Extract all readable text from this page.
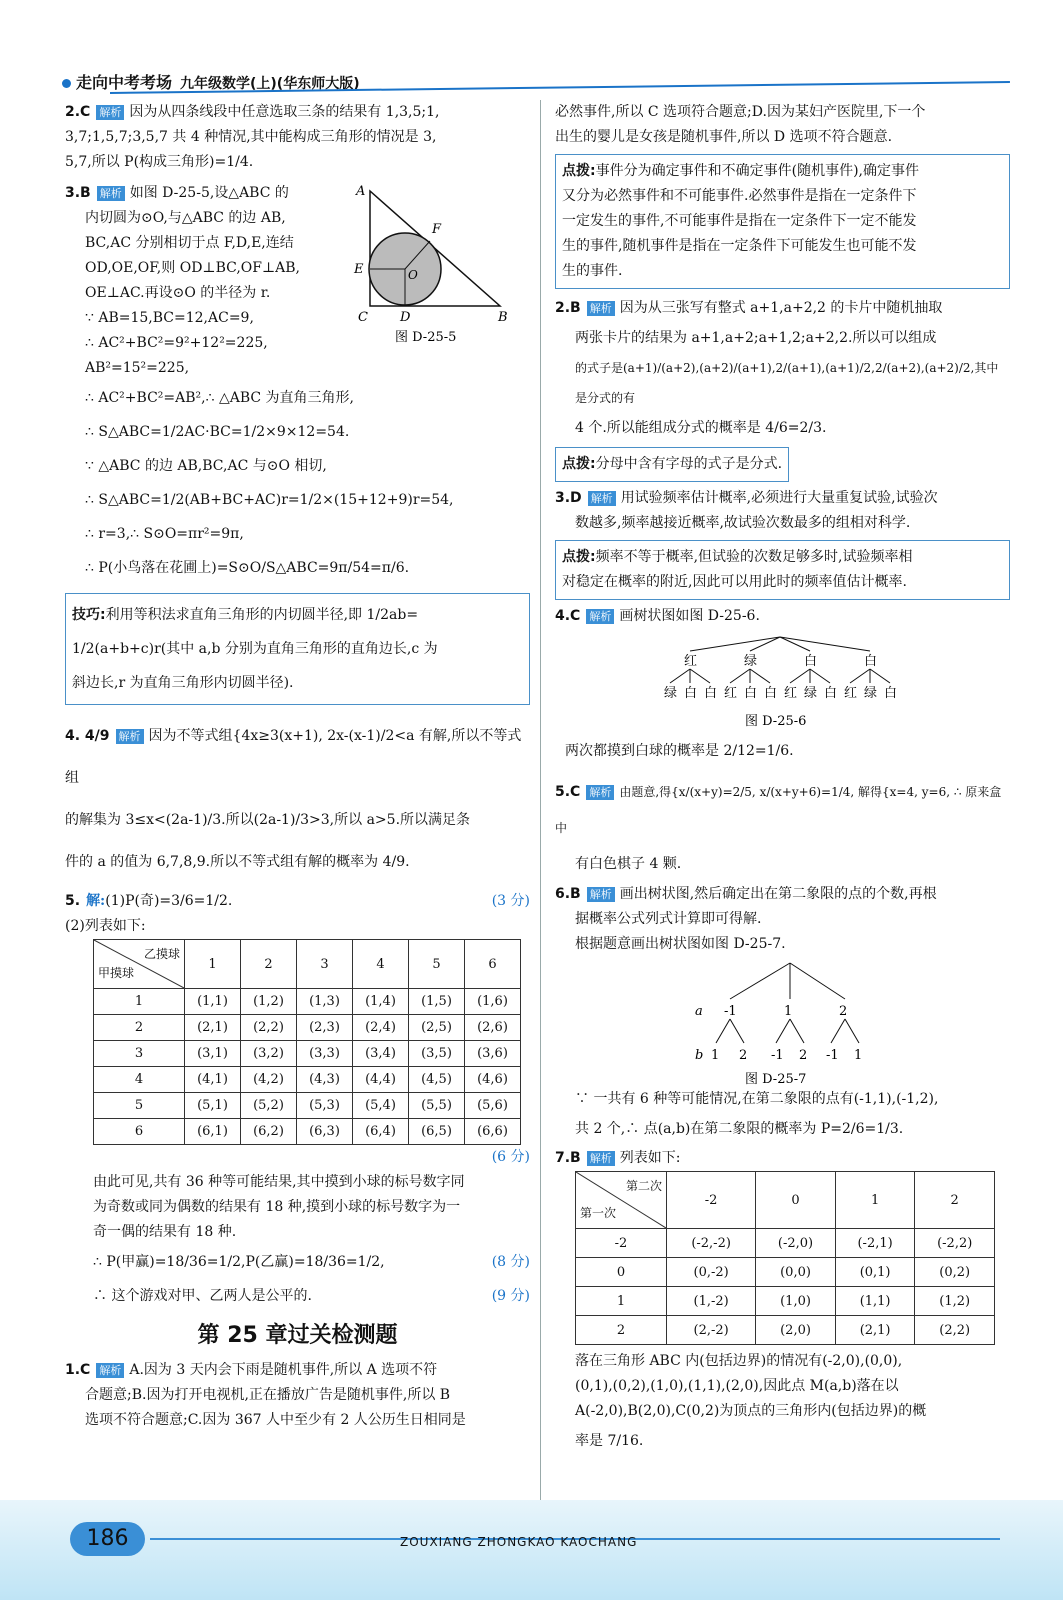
走向中考考场 九年级数学(上)(华东师大版)

2.C 解析 因为从四条线段中任意选取三条的结果有 1,3,5;1,

3,7;1,5,7;3,5,7 共 4 种情况,其中能构成三角形的情况是 3,

5,7,所以 P(构成三角形)=1/4.

A
F
E	O
C D	B
图 D-25-5

3.B 解析 如图 D-25-5,设△ABC 的

内切圆为⊙O,与△ABC 的边 AB,

BC,AC 分别相切于点 F,D,E,连结

OD,OE,OF,则 OD⊥BC,OF⊥AB,

OE⊥AC.再设⊙O 的半径为 r.

∵ AB=15,BC=12,AC=9,

∴ AC²+BC²=9²+12²=225,

AB²=15²=225,

∴ AC²+BC²=AB²,∴ △ABC 为直角三角形,

∴ S△ABC=1/2AC·BC=1/2×9×12=54.

∵ △ABC 的边 AB,BC,AC 与⊙O 相切,

∴ S△ABC=1/2(AB+BC+AC)r=1/2×(15+12+9)r=54,

∴ r=3,∴ S⊙O=πr²=9π,

∴ P(小鸟落在花圃上)=S⊙O/S△ABC=9π/54=π/6.

技巧:利用等积法求直角三角形的内切圆半径,即 1/2ab=

1/2(a+b+c)r(其中 a,b 分别为直角三角形的直角边长,c 为

斜边长,r 为直角三角形内切圆半径).

4. 4/9 解析 因为不等式组{4x≥3(x+1), 2x-(x-1)/2<a 有解,所以不等式组

的解集为 3≤x<(2a-1)/3.所以(2a-1)/3>3,所以 a>5.所以满足条

件的 a 的值为 6,7,8,9.所以不等式组有解的概率为 4/9.

5. 解:(1)P(奇)=3/6=1/2.	(3 分)

(2)列表如下:

乙摸球
甲摸球	1	2	3	4	5	6
1	(1,1)	(1,2)	(1,3)	(1,4)	(1,5)	(1,6)
2	(2,1)	(2,2)	(2,3)	(2,4)	(2,5)	(2,6)
3	(3,1)	(3,2)	(3,3)	(3,4)	(3,5)	(3,6)
4	(4,1)	(4,2)	(4,3)	(4,4)	(4,5)	(4,6)
5	(5,1)	(5,2)	(5,3)	(5,4)	(5,5)	(5,6)
6	(6,1)	(6,2)	(6,3)	(6,4)	(6,5)	(6,6)

(6 分)

由此可见,共有 36 种等可能结果,其中摸到小球的标号数字同

为奇数或同为偶数的结果有 18 种,摸到小球的标号数字为一

奇一偶的结果有 18 种.

∴ P(甲赢)=18/36=1/2,P(乙赢)=18/36=1/2,	(8 分)

∴ 这个游戏对甲、乙两人是公平的.	(9 分)

第 25 章过关检测题

1.C 解析 A.因为 3 天内会下雨是随机事件,所以 A 选项不符

合题意;B.因为打开电视机,正在播放广告是随机事件,所以 B

选项不符合题意;C.因为 367 人中至少有 2 人公历生日相同是

必然事件,所以 C 选项符合题意;D.因为某妇产医院里,下一个

出生的婴儿是女孩是随机事件,所以 D 选项不符合题意.

点拨:事件分为确定事件和不确定事件(随机事件),确定事件

又分为必然事件和不可能事件.必然事件是指在一定条件下

一定发生的事件,不可能事件是指在一定条件下一定不能发

生的事件,随机事件是指在一定条件下可能发生也可能不发

生的事件.

2.B 解析 因为从三张写有整式 a+1,a+2,2 的卡片中随机抽取

两张卡片的结果为 a+1,a+2;a+1,2;a+2,2.所以可以组成

的式子是(a+1)/(a+2),(a+2)/(a+1),2/(a+1),(a+1)/2,2/(a+2),(a+2)/2,其中是分式的有

4 个.所以能组成分式的概率是 4/6=2/3.

点拨:分母中含有字母的式子是分式.

3.D 解析 用试验频率估计概率,必须进行大量重复试验,试验次

数越多,频率越接近概率,故试验次数最多的组相对科学.

点拨:频率不等于概率,但试验的次数足够多时,试验频率相

对稳定在概率的附近,因此可以用此时的频率值估计概率.

4.C 解析 画树状图如图 D-25-6.

红
绿 白 白
绿
红 白 白
白
红 绿 白
白
红 绿 白
图 D-25-6

两次都摸到白球的概率是 2/12=1/6.

5.C 解析 由题意,得{x/(x+y)=2/5, x/(x+y+6)=1/4, 解得{x=4, y=6, ∴ 原来盒中

有白色棋子 4 颗.

6.B 解析 画出树状图,然后确定出在第二象限的点的个数,再根

据概率公式列式计算即可得解.

根据题意画出树状图如图 D-25-7.

a
b
-1
1 2
1
-1 2
2
-1 1
图 D-25-7

∵ 一共有 6 种等可能情况,在第二象限的点有(-1,1),(-1,2),

共 2 个,∴ 点(a,b)在第二象限的概率为 P=2/6=1/3.

7.B 解析 列表如下:

第二次
第一次	-2	0	1	2
-2	(-2,-2)	(-2,0)	(-2,1)	(-2,2)
0	(0,-2)	(0,0)	(0,1)	(0,2)
1	(1,-2)	(1,0)	(1,1)	(1,2)
2	(2,-2)	(2,0)	(2,1)	(2,2)

落在三角形 ABC 内(包括边界)的情况有(-2,0),(0,0),

(0,1),(0,2),(1,0),(1,1),(2,0),因此点 M(a,b)落在以

A(-2,0),B(2,0),C(0,2)为顶点的三角形内(包括边界)的概

率是 7/16.

186	ZOUXIANG ZHONGKAO KAOCHANG
